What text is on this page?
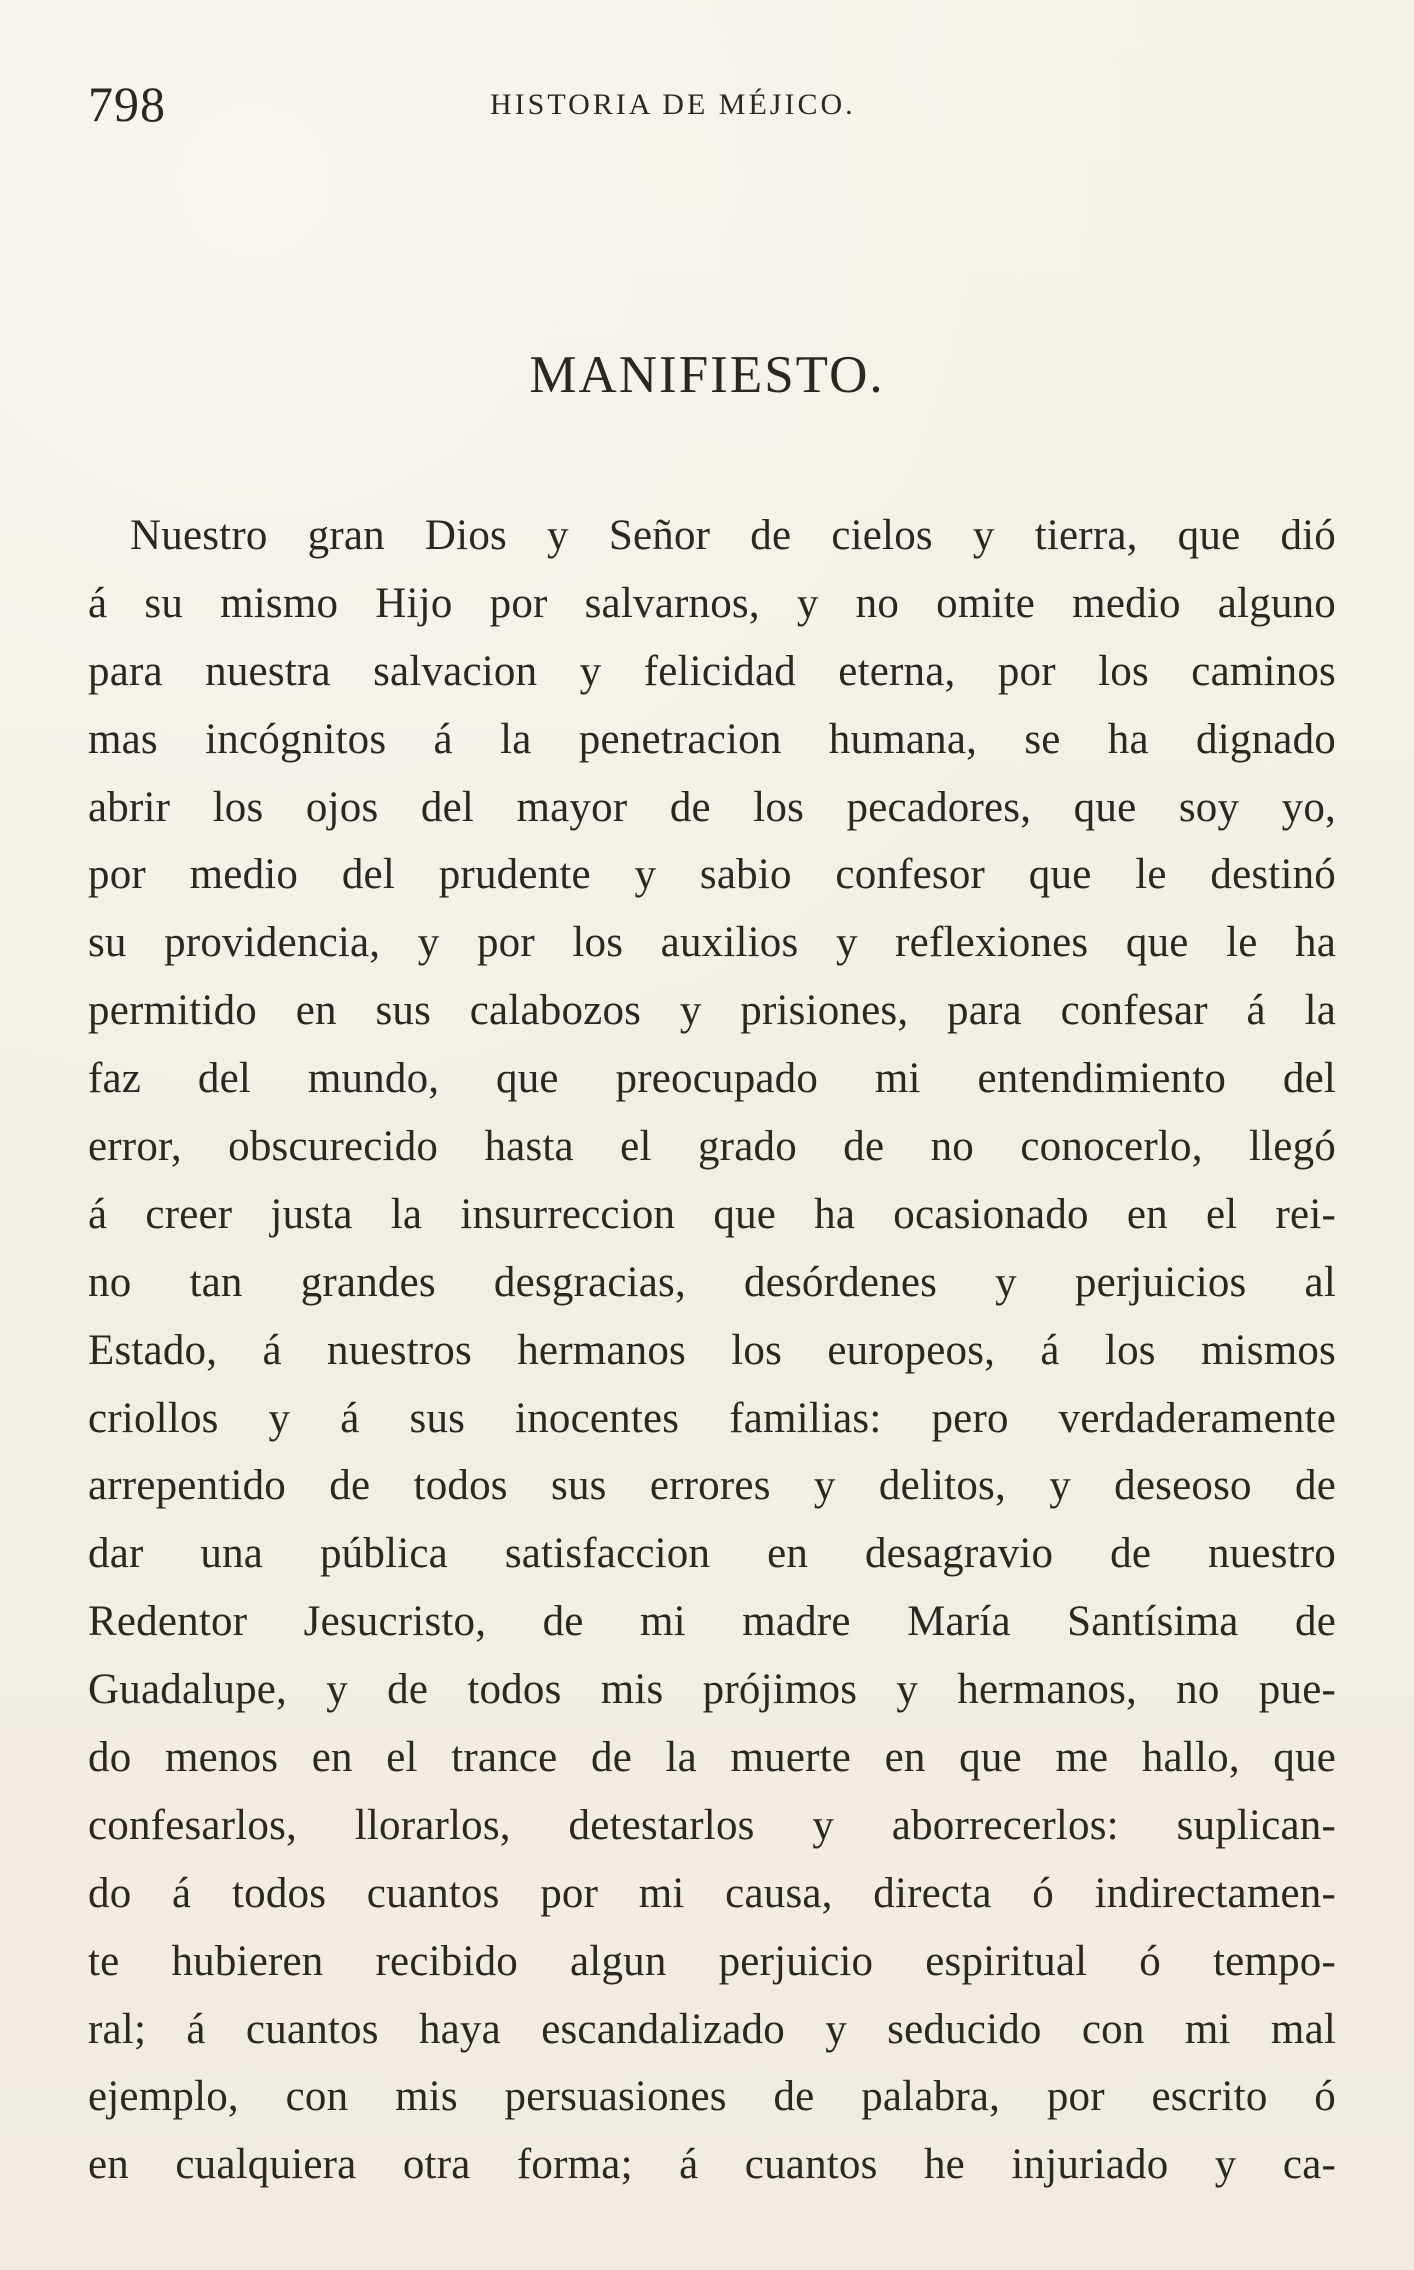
798	HISTORIA DE MÉJICO.
MANIFIESTO.
Nuestro gran Dios y Señor de cielos y tierra, que dió
á su mismo Hijo por salvarnos, y no omite medio alguno
para nuestra salvacion y felicidad eterna, por los caminos
mas incógnitos á la penetracion humana, se ha dignado
abrir los ojos del mayor de los pecadores, que soy yo,
por medio del prudente y sabio confesor que le destinó
su providencia, y por los auxilios y reflexiones que le ha
permitido en sus calabozos y prisiones, para confesar á la
faz del mundo, que preocupado mi entendimiento del
error, obscurecido hasta el grado de no conocerlo, llegó
á creer justa la insurreccion que ha ocasionado en el rei-
no tan grandes desgracias, desórdenes y perjuicios al
Estado, á nuestros hermanos los europeos, á los mismos
criollos y á sus inocentes familias: pero verdaderamente
arrepentido de todos sus errores y delitos, y deseoso de
dar una pública satisfaccion en desagravio de nuestro
Redentor Jesucristo, de mi madre María Santísima de
Guadalupe, y de todos mis prójimos y hermanos, no pue-
do menos en el trance de la muerte en que me hallo, que
confesarlos, llorarlos, detestarlos y aborrecerlos: suplican-
do á todos cuantos por mi causa, directa ó indirectamen-
te hubieren recibido algun perjuicio espiritual ó tempo-
ral; á cuantos haya escandalizado y seducido con mi mal
ejemplo, con mis persuasiones de palabra, por escrito ó
en cualquiera otra forma; á cuantos he injuriado y ca-
